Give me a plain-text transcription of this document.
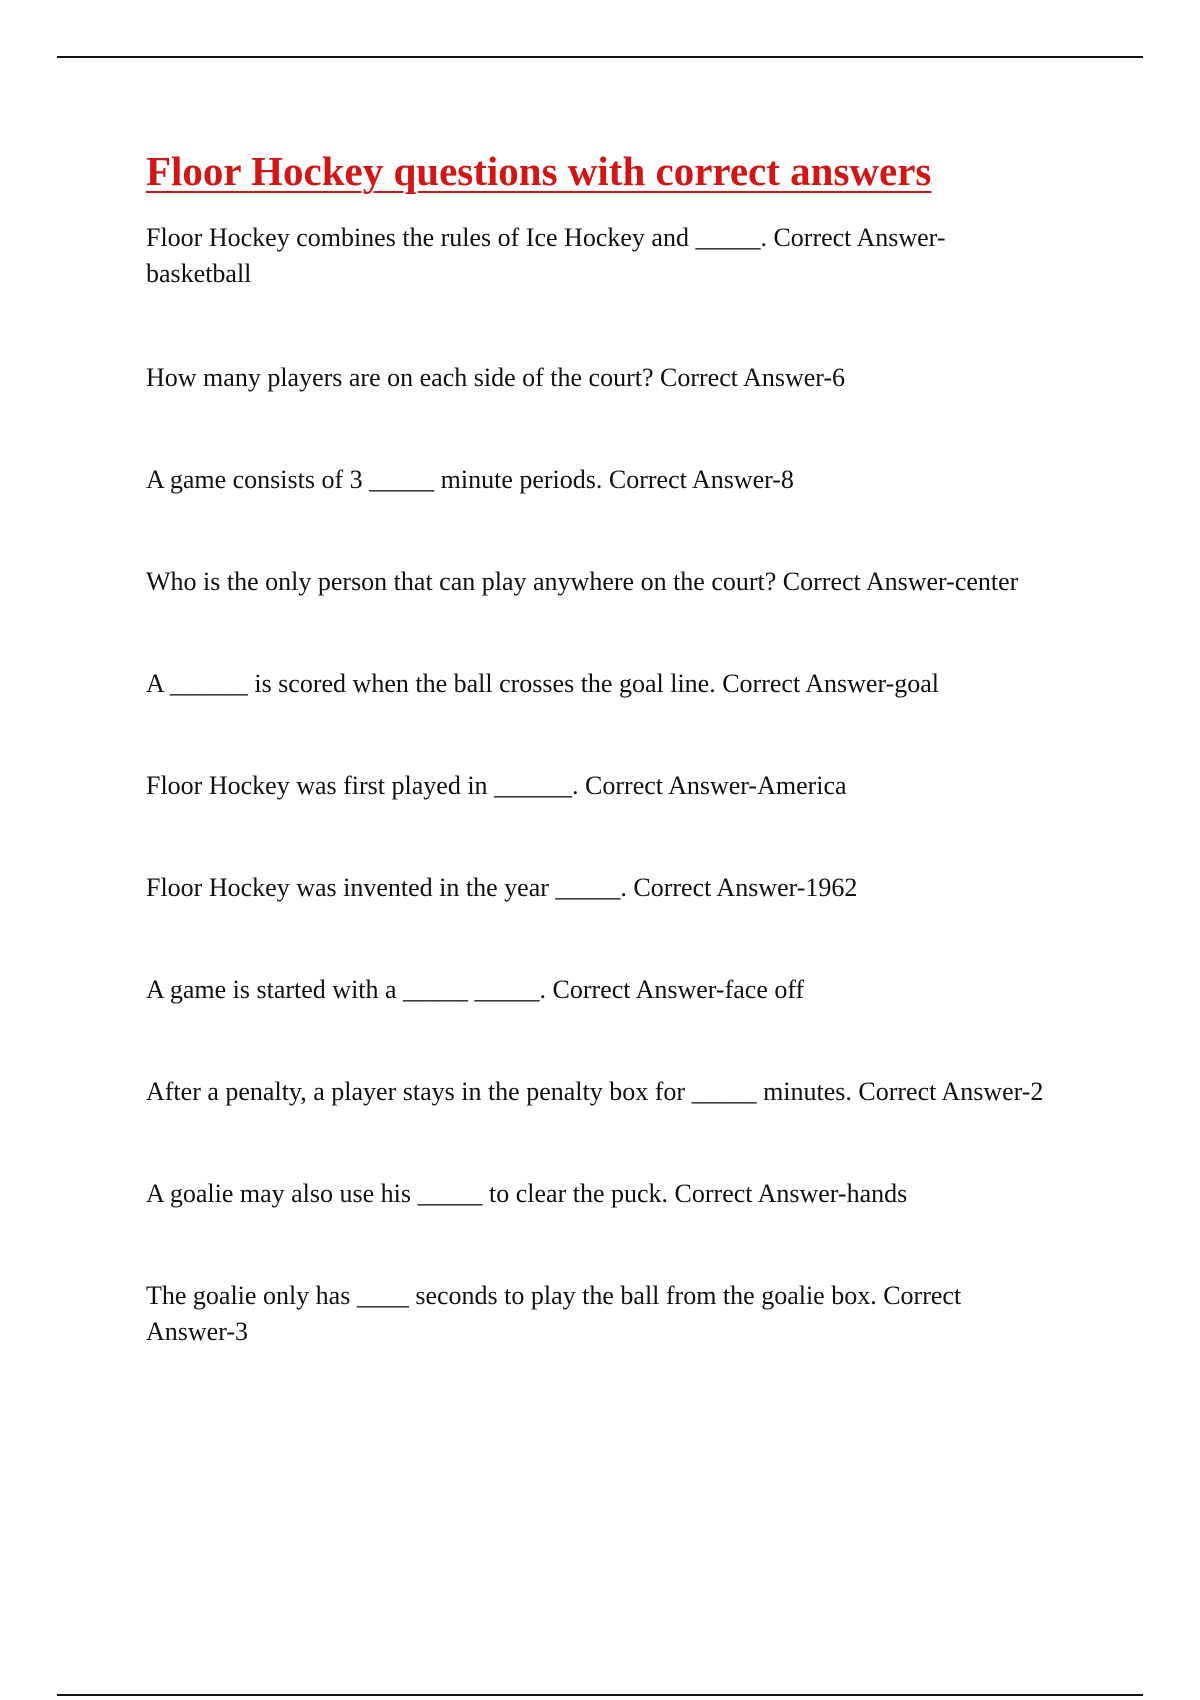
Floor Hockey questions with correct answers
Floor Hockey combines the rules of Ice Hockey and _____. Correct Answer-basketball
How many players are on each side of the court? Correct Answer-6
A game consists of 3 _____ minute periods. Correct Answer-8
Who is the only person that can play anywhere on the court? Correct Answer-center
A ______ is scored when the ball crosses the goal line. Correct Answer-goal
Floor Hockey was first played in ______. Correct Answer-America
Floor Hockey was invented in the year _____. Correct Answer-1962
A game is started with a _____ _____. Correct Answer-face off
After a penalty, a player stays in the penalty box for _____ minutes. Correct Answer-2
A goalie may also use his _____ to clear the puck. Correct Answer-hands
The goalie only has ____ seconds to play the ball from the goalie box. Correct Answer-3
